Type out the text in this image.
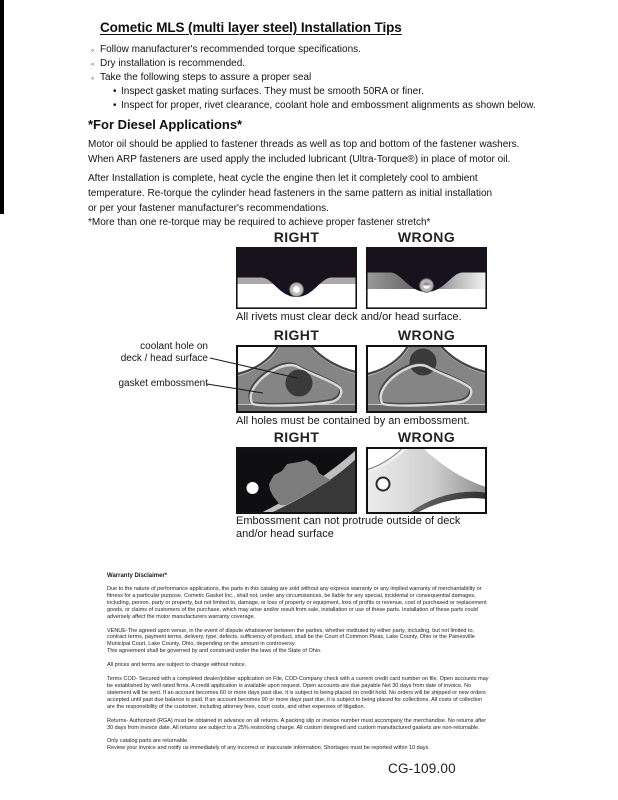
Cometic MLS (multi layer steel) Installation Tips
◦ Follow manufacturer's recommended torque specifications.
◦ Dry installation is recommended.
◦ Take the following steps to assure a proper seal
• Inspect gasket mating surfaces. They must be smooth 50RA or finer.
• Inspect for proper, rivet clearance, coolant hole and embossment alignments as shown below.
*For Diesel Applications*
Motor oil should be applied to fastener threads as well as top and bottom of the fastener washers.
When ARP fasteners are used apply the included lubricant (Ultra-Torque®) in place of motor oil.
After Installation is complete, heat cycle the engine then let it completely cool to ambient
temperature. Re-torque the cylinder head fasteners in the same pattern as initial installation
or per your fastener manufacturer's recommendations.
*More than one re-torque may be required to achieve proper fastener stretch*
RIGHT	WRONG
All rivets must clear deck and/or head surface.
RIGHT	WRONG
coolant hole on
deck / head surface
gasket embossment
All holes must be contained by an embossment.
RIGHT	WRONG
Embossment can not protrude outside of deck
and/or head surface

Warranty Disclaimer*

Due to the nature of performance applications, the parts in this catalog are sold without any express warranty or any implied warranty of merchantability or
fitness for a particular purpose. Cometic Gasket Inc., shall not, under any circumstances, be liable for any special, incidental or consequential damages,
including, person, party or property, but not limited to, damage, or loss of property or equipment, loss of profits or revenue, cost of purchased or replacement
goods, or claims of customers of the purchase, which may arise and/or result from sale, installation or use of these parts. Installation of these parts could
adversely affect the motor manufacturers warranty coverage.

VENUE-The agreed upon venue, in the event of dispute whatsoever between the parties, whether instituted by either party, including, but not limited to,
contract terms, payment terms, delivery, type, defects, sufficiency of product, shall be the Court of Common Pleas, Lake County, Ohio or the Painesville
Municipal Court, Lake County, Ohio, depending on the amount in controversy.
This agreement shall be governed by and construed under the laws of the State of Ohio.

All prices and terms are subject to change without notice.

Terms COD- Secured with a completed dealer/jobber application on File, COD-Company check with a current credit card number on file. Open accounts may
be established by well rated firms. A credit application is available upon request. Open accounts are due payable Net 30 days from date of invoice. No
statement will be sent. If an account becomes 60 or more days past due, it is subject to being placed on credit hold. No orders will be shipped or new orders
accepted until past due balance is paid. If an account becomes 90 or more days past due, it is subject to being placed for collections. All costs of collection
are the responsibility of the customer, including attorney fees, court costs, and other expenses of litigation.

Returns- Authorized (RGA) must be obtained in advance on all returns. A packing slip or invoice number must accompany the merchandise. No returns after
30 days from invoice date. All returns are subject to a 25% restocking charge. All custom designed and custom manufactured gaskets are non-returnable.

Only catalog parts are returnable.
Review your invoice and notify us immediately of any incorrect or inaccurate information. Shortages must be reported within 10 days.

CG-109.00
